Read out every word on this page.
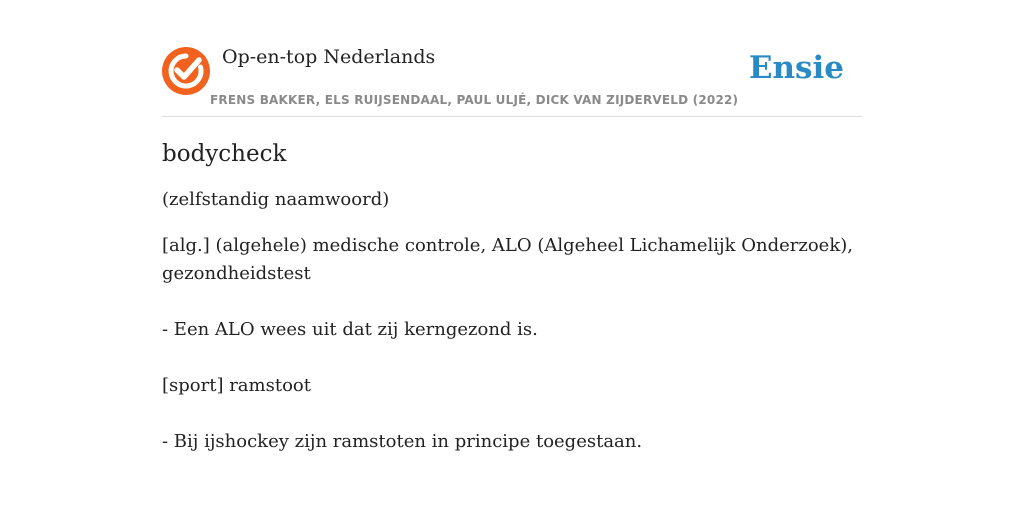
Op-en-top Nederlands
FRENS BAKKER, ELS RUIJSENDAAL, PAUL ULJÉ, DICK VAN ZIJDERVELD (2022)
Ensie
bodycheck
(zelfstandig naamwoord)
[alg.] (algehele) medische controle, ALO (Algeheel Lichamelijk Onderzoek), gezondheidstest
- Een ALO wees uit dat zij kerngezond is.
[sport] ramstoot
- Bij ijshockey zijn ramstoten in principe toegestaan.
